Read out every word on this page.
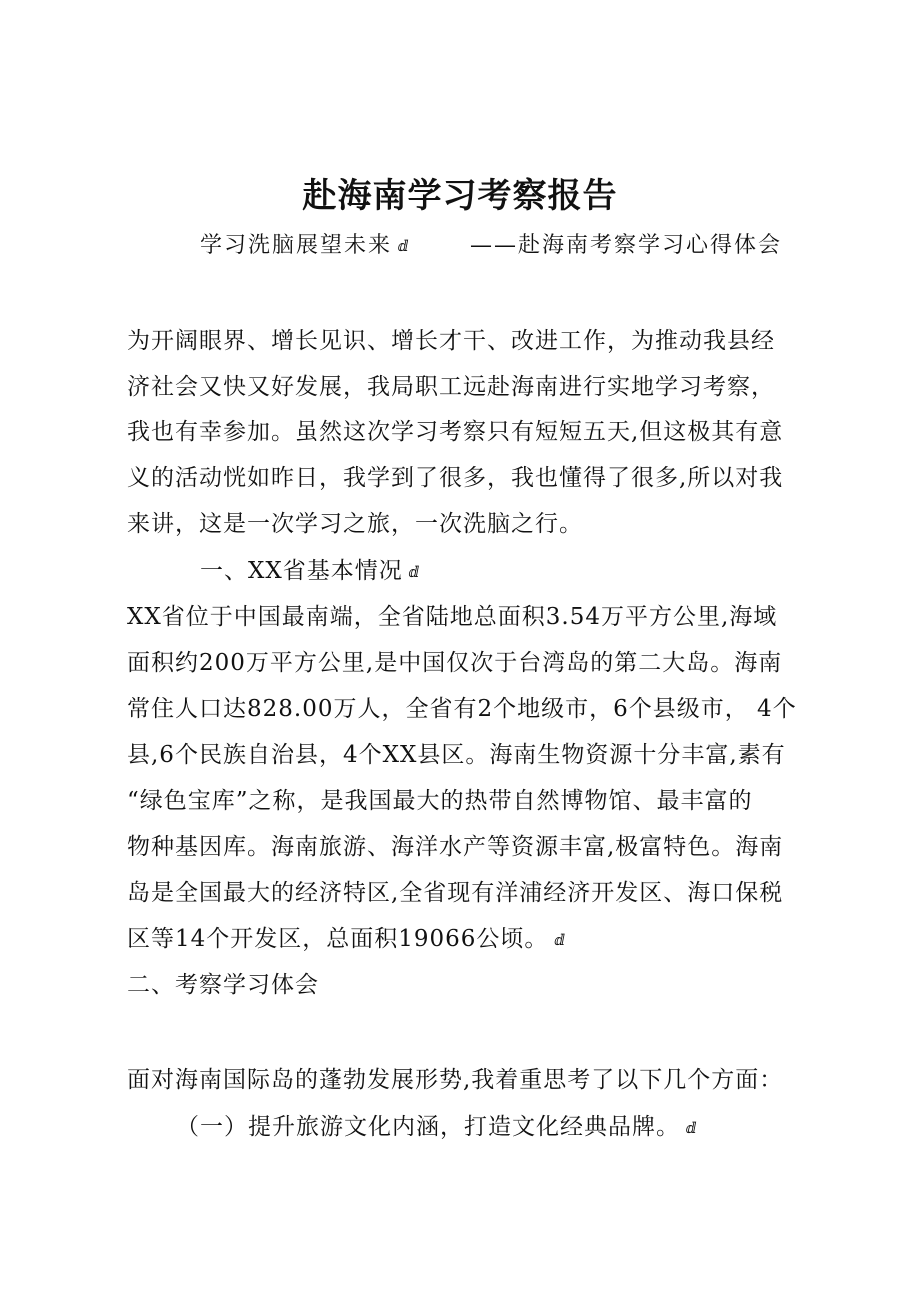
赴海南学习考察报告
学习洗脑展望未来 ⅆ	——赴海南考察学习心得体会
为开阔眼界、增长见识、增长才干、改进工作，为推动我县经
济社会又快又好发展，我局职工远赴海南进行实地学习考察，
我也有幸参加。虽然这次学习考察只有短短五天,但这极其有意
义的活动恍如昨日，我学到了很多，我也懂得了很多,所以对我
来讲，这是一次学习之旅，一次洗脑之行。
一、XX省基本情况 ⅆ
XX省位于中国最南端，全省陆地总面积3.54万平方公里,海域
面积约200万平方公里,是中国仅次于台湾岛的第二大岛。海南
常住人口达828.00万人，全省有2个地级市，6个县级市， 4个
县,6个民族自治县，4个XX县区。海南生物资源十分丰富,素有
“绿色宝库”之称，是我国最大的热带自然博物馆、最丰富的
物种基因库。海南旅游、海洋水产等资源丰富,极富特色。海南
岛是全国最大的经济特区,全省现有洋浦经济开发区、海口保税
区等14个开发区，总面积19066公顷。 ⅆ
二、考察学习体会
面对海南国际岛的蓬勃发展形势,我着重思考了以下几个方面：
（一）提升旅游文化内涵，打造文化经典品牌。 ⅆ
